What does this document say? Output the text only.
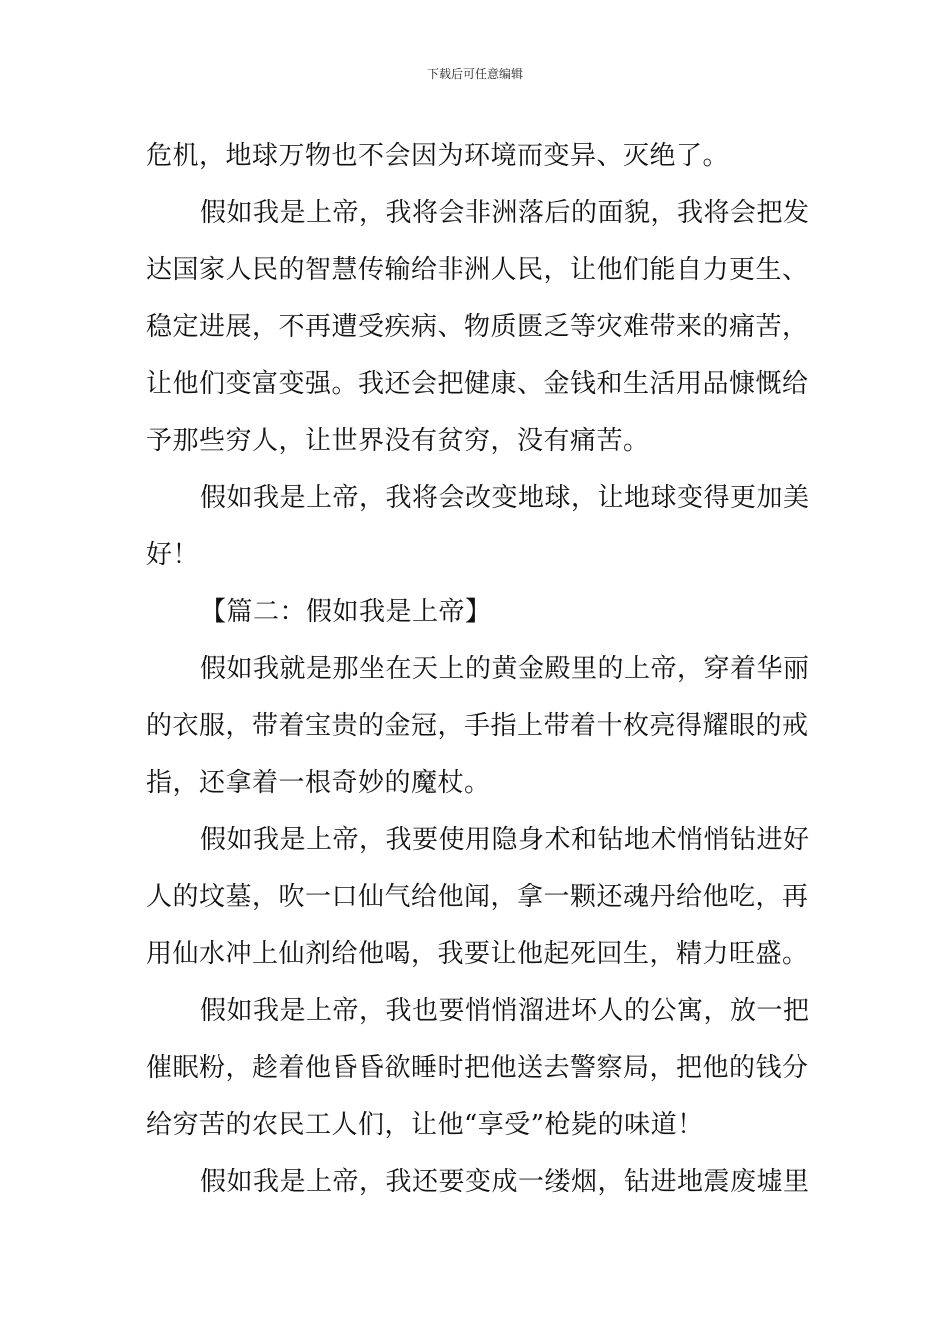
下载后可任意编辑
危机，地球万物也不会因为环境而变异、灭绝了。
假如我是上帝，我将会非洲落后的面貌，我将会把发
达国家人民的智慧传输给非洲人民，让他们能自力更生、
稳定进展，不再遭受疾病、物质匮乏等灾难带来的痛苦，
让他们变富变强。我还会把健康、金钱和生活用品慷慨给
予那些穷人，让世界没有贫穷，没有痛苦。
假如我是上帝，我将会改变地球，让地球变得更加美
好！
【篇二：假如我是上帝】
假如我就是那坐在天上的黄金殿里的上帝，穿着华丽
的衣服，带着宝贵的金冠，手指上带着十枚亮得耀眼的戒
指，还拿着一根奇妙的魔杖。
假如我是上帝，我要使用隐身术和钻地术悄悄钻进好
人的坟墓，吹一口仙气给他闻，拿一颗还魂丹给他吃，再
用仙水冲上仙剂给他喝，我要让他起死回生，精力旺盛。
假如我是上帝，我也要悄悄溜进坏人的公寓，放一把
催眠粉，趁着他昏昏欲睡时把他送去警察局，把他的钱分
给穷苦的农民工人们，让他“享受”枪毙的味道！
假如我是上帝，我还要变成一缕烟，钻进地震废墟里
